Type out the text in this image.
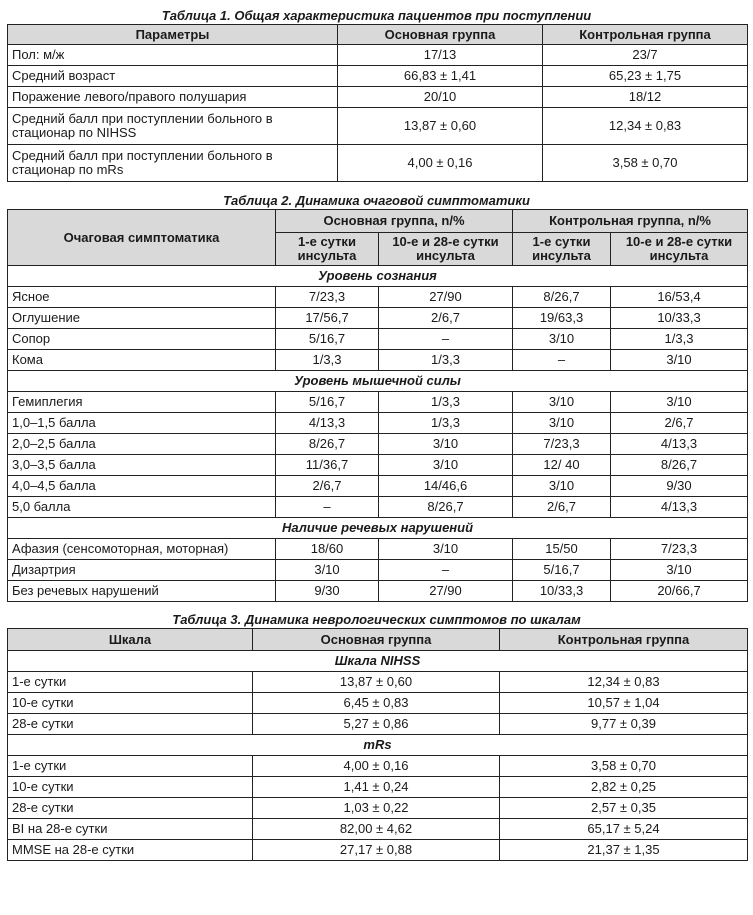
Таблица 1. Общая характеристика пациентов при поступлении
Параметры	Основная группа	Контрольная группа
Пол: м/ж	17/13	23/7
Средний возраст	66,83 ± 1,41	65,23 ± 1,75
Поражение левого/правого полушария	20/10	18/12
Средний балл при поступлении больного в стационар по NIHSS	13,87 ± 0,60	12,34 ± 0,83
Средний балл при поступлении больного в стационар по mRs	4,00 ± 0,16	3,58 ± 0,70
Таблица 2. Динамика очаговой симптоматики
Очаговая симптоматика	Основная группа, n/%		Контрольная группа, n/%	
	1-е сутки инсульта	10-е и 28-е сутки инсульта	1-е сутки инсульта	10-е и 28-е сутки инсульта
Уровень сознания				
Ясное	7/23,3	27/90	8/26,7	16/53,4
Оглушение	17/56,7	2/6,7	19/63,3	10/33,3
Сопор	5/16,7	–	3/10	1/3,3
Кома	1/3,3	1/3,3	–	3/10
Уровень мышечной силы				
Гемиплегия	5/16,7	1/3,3	3/10	3/10
1,0–1,5 балла	4/13,3	1/3,3	3/10	2/6,7
2,0–2,5 балла	8/26,7	3/10	7/23,3	4/13,3
3,0–3,5 балла	11/36,7	3/10	12/ 40	8/26,7
4,0–4,5 балла	2/6,7	14/46,6	3/10	9/30
5,0 балла	–	8/26,7	2/6,7	4/13,3
Наличие речевых нарушений				
Афазия (сенсомоторная, моторная)	18/60	3/10	15/50	7/23,3
Дизартрия	3/10	–	5/16,7	3/10
Без речевых нарушений	9/30	27/90	10/33,3	20/66,7
Таблица 3. Динамика неврологических симптомов по шкалам
Шкала	Основная группа	Контрольная группа
Шкала NIHSS		
1-е сутки	13,87 ± 0,60	12,34 ± 0,83
10-е сутки	6,45 ± 0,83	10,57 ± 1,04
28-е сутки	5,27 ± 0,86	9,77 ± 0,39
mRs		
1-е сутки	4,00 ± 0,16	3,58 ± 0,70
10-е сутки	1,41 ± 0,24	2,82 ± 0,25
28-е сутки	1,03 ± 0,22	2,57 ± 0,35
BI на 28-е сутки	82,00 ± 4,62	65,17 ± 5,24
MMSE на 28-е сутки	27,17 ± 0,88	21,37 ± 1,35
